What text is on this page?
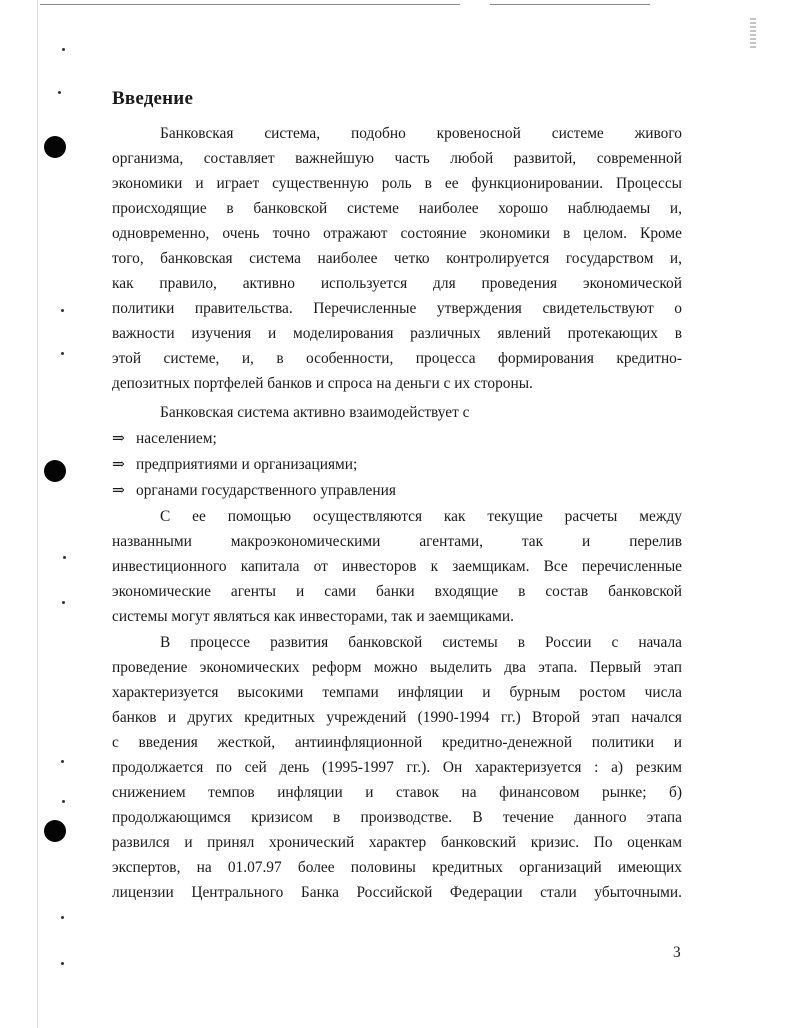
Введение
Банковская система, подобно кровеносной системе живого
организма, составляет важнейшую часть любой развитой, современной
экономики и играет существенную роль в ее функционировании. Процессы
происходящие в банковской системе наиболее хорошо наблюдаемы и,
одновременно, очень точно отражают состояние экономики в целом. Кроме
того, банковская система наиболее четко контролируется государством и,
как правило, активно используется для проведения экономической
политики правительства. Перечисленные утверждения свидетельствуют о
важности изучения и моделирования различных явлений протекающих в
этой системе, и, в особенности, процесса формирования кредитно-
депозитных портфелей банков и спроса на деньги с их стороны.
Банковская система активно взаимодействует с
⇒ населением;
⇒ предприятиями и организациями;
⇒ органами государственного управления
С ее помощью осуществляются как текущие расчеты между
названными макроэкономическими агентами, так и перелив
инвестиционного капитала от инвесторов к заемщикам. Все перечисленные
экономические агенты и сами банки входящие в состав банковской
системы могут являться как инвесторами, так и заемщиками.
В процессе развития банковской системы в России с начала
проведение экономических реформ можно выделить два этапа. Первый этап
характеризуется высокими темпами инфляции и бурным ростом числа
банков и других кредитных учреждений (1990-1994 гг.) Второй этап начался
с введения жесткой, антиинфляционной кредитно-денежной политики и
продолжается по сей день (1995-1997 гг.). Он характеризуется : а) резким
снижением темпов инфляции и ставок на финансовом рынке; б)
продолжающимся кризисом в производстве. В течение данного этапа
развился и принял хронический характер банковский кризис. По оценкам
экспертов, на 01.07.97 более половины кредитных организаций имеющих
лицензии Центрального Банка Российской Федерации стали убыточными.
3
